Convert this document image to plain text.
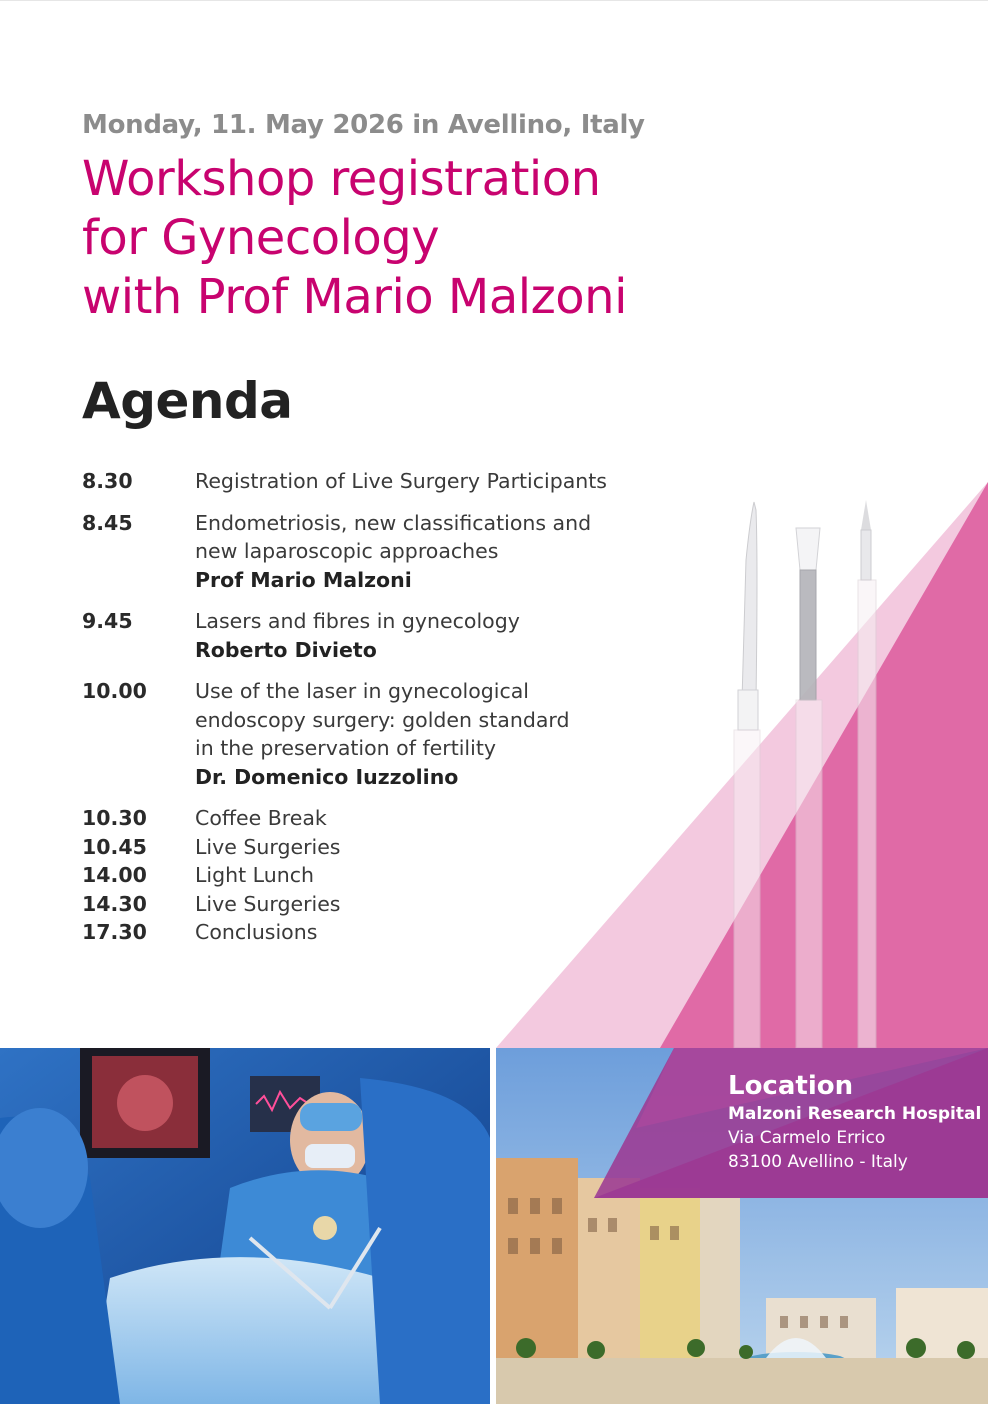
Monday, 11. May 2026 in Avellino, Italy
Workshop registration
for Gynecology
with Prof Mario Malzoni
Agenda
8.30	Registration of Live Surgery Participants
8.45	Endometriosis, new classifications and
new laparoscopic approaches
Prof Mario Malzoni
9.45	Lasers and fibres in gynecology
Roberto Divieto
10.00	Use of the laser in gynecological
endoscopy surgery: golden standard
in the preservation of fertility
Dr. Domenico Iuzzolino
10.30	Coffee Break
10.45	Live Surgeries
14.00	Light Lunch
14.30	Live Surgeries
17.30	Conclusions
Location
Malzoni Research Hospital
Via Carmelo Errico
83100 Avellino - Italy
